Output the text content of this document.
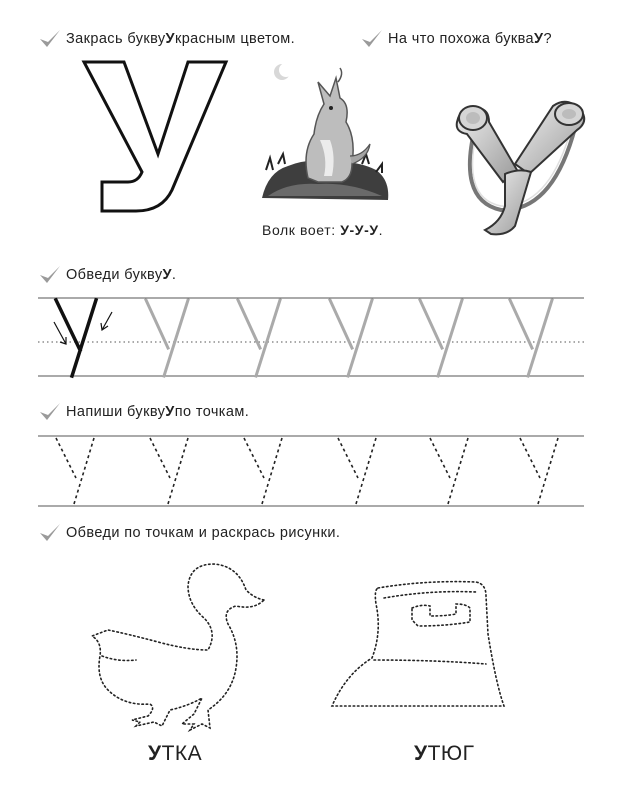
Закрась букву У красным цветом.	На что похожа буква У ?
Волк воет: У-У-У.
Обведи букву У .
Напиши букву У по точкам.
Обведи по точкам и раскрась рисунки.
УТКА	УТЮГ
